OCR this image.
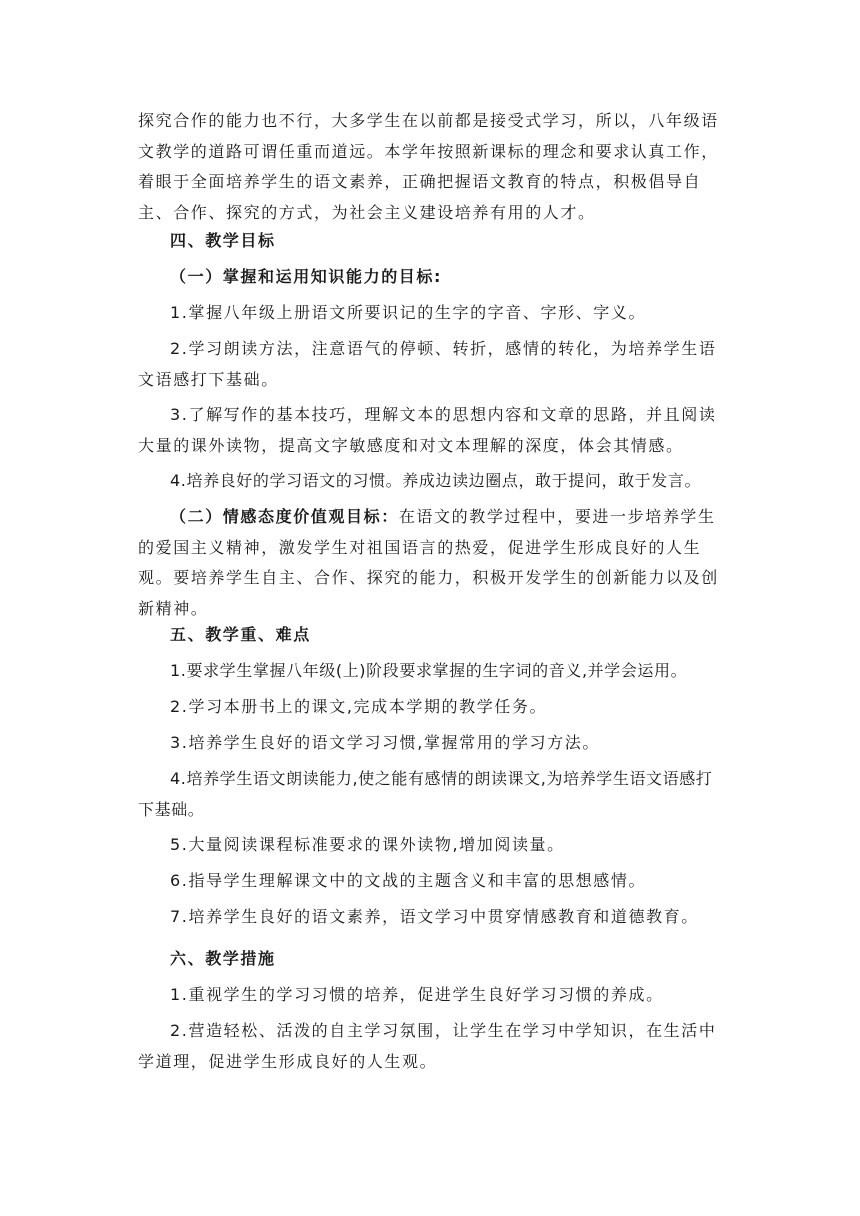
探究合作的能力也不行，大多学生在以前都是接受式学习，所以，八年级语文教学的道路可谓任重而道远。本学年按照新课标的理念和要求认真工作，着眼于全面培养学生的语文素养，正确把握语文教育的特点，积极倡导自主、合作、探究的方式，为社会主义建设培养有用的人才。

四、教学目标

（一）掌握和运用知识能力的目标:

1.掌握八年级上册语文所要识记的生字的字音、字形、字义。

2.学习朗读方法，注意语气的停顿、转折，感情的转化，为培养学生语文语感打下基础。

3.了解写作的基本技巧，理解文本的思想内容和文章的思路，并且阅读大量的课外读物，提高文字敏感度和对文本理解的深度，体会其情感。

4.培养良好的学习语文的习惯。养成边读边圈点，敢于提问，敢于发言。

（二）情感态度价值观目标：在语文的教学过程中，要进一步培养学生的爱国主义精神，激发学生对祖国语言的热爱，促进学生形成良好的人生观。要培养学生自主、合作、探究的能力，积极开发学生的创新能力以及创新精神。

五、教学重、难点

1.要求学生掌握八年级(上)阶段要求掌握的生字词的音义,并学会运用。

2.学习本册书上的课文,完成本学期的教学任务。

3.培养学生良好的语文学习习惯,掌握常用的学习方法。

4.培养学生语文朗读能力,使之能有感情的朗读课文,为培养学生语文语感打下基础。

5.大量阅读课程标准要求的课外读物,增加阅读量。

6.指导学生理解课文中的文战的主题含义和丰富的思想感情。

7.培养学生良好的语文素养，语文学习中贯穿情感教育和道德教育。

六、教学措施

1.重视学生的学习习惯的培养，促进学生良好学习习惯的养成。

2.营造轻松、活泼的自主学习氛围，让学生在学习中学知识，在生活中学道理，促进学生形成良好的人生观。
